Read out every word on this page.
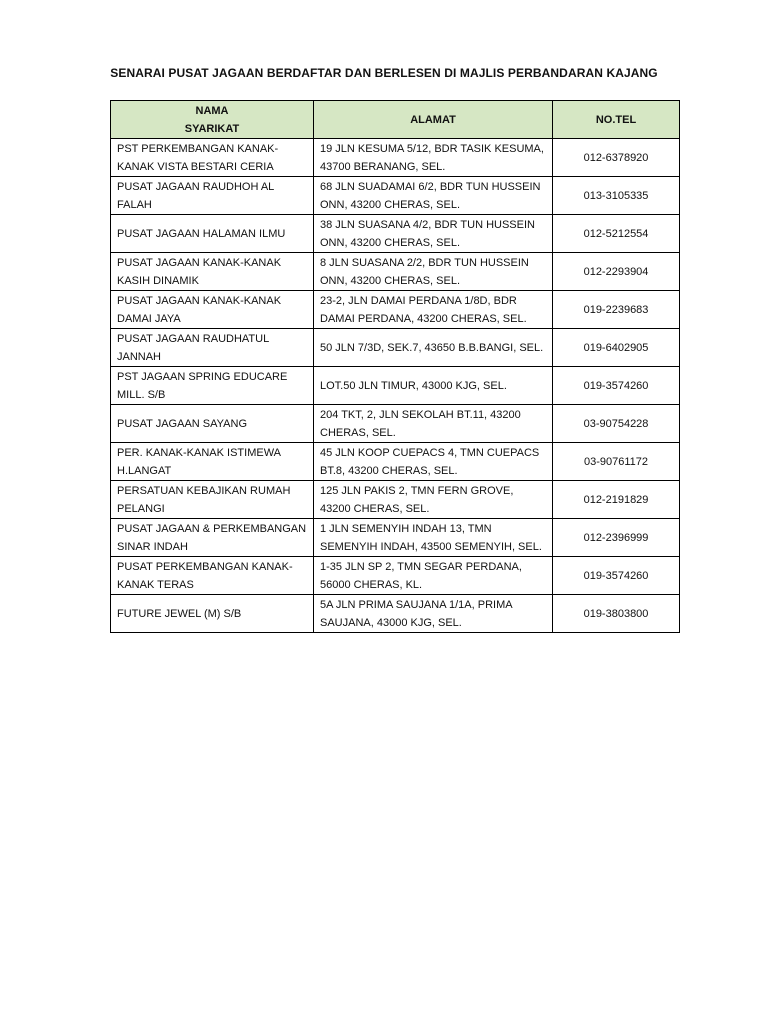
SENARAI PUSAT JAGAAN BERDAFTAR DAN BERLESEN DI MAJLIS PERBANDARAN KAJANG
NAMA
SYARIKAT	ALAMAT	NO.TEL
PST PERKEMBANGAN KANAK-KANAK VISTA BESTARI CERIA	19 JLN KESUMA 5/12, BDR TASIK KESUMA, 43700 BERANANG, SEL.	012-6378920
PUSAT JAGAAN RAUDHOH AL FALAH	68 JLN SUADAMAI 6/2, BDR TUN HUSSEIN ONN, 43200 CHERAS, SEL.	013-3105335
PUSAT JAGAAN HALAMAN ILMU	38 JLN SUASANA 4/2, BDR TUN HUSSEIN ONN, 43200 CHERAS, SEL.	012-5212554
PUSAT JAGAAN KANAK-KANAK KASIH DINAMIK	8 JLN SUASANA 2/2, BDR TUN HUSSEIN ONN, 43200 CHERAS, SEL.	012-2293904
PUSAT JAGAAN KANAK-KANAK DAMAI JAYA	23-2, JLN DAMAI PERDANA 1/8D, BDR DAMAI PERDANA, 43200 CHERAS, SEL.	019-2239683
PUSAT JAGAAN RAUDHATUL JANNAH	50 JLN 7/3D, SEK.7, 43650 B.B.BANGI, SEL.	019-6402905
PST JAGAAN SPRING EDUCARE MILL. S/B	LOT.50 JLN TIMUR, 43000 KJG, SEL.	019-3574260
PUSAT JAGAAN SAYANG	204 TKT, 2, JLN SEKOLAH BT.11, 43200 CHERAS, SEL.	03-90754228
PER. KANAK-KANAK ISTIMEWA H.LANGAT	45 JLN KOOP CUEPACS 4, TMN CUEPACS BT.8, 43200 CHERAS, SEL.	03-90761172
PERSATUAN KEBAJIKAN RUMAH PELANGI	125 JLN PAKIS 2, TMN FERN GROVE, 43200 CHERAS, SEL.	012-2191829
PUSAT JAGAAN & PERKEMBANGAN SINAR INDAH	1 JLN SEMENYIH INDAH 13, TMN SEMENYIH INDAH, 43500 SEMENYIH, SEL.	012-2396999
PUSAT PERKEMBANGAN KANAK-KANAK TERAS	1-35 JLN SP 2, TMN SEGAR PERDANA, 56000 CHERAS, KL.	019-3574260
FUTURE JEWEL (M) S/B	5A JLN PRIMA SAUJANA 1/1A, PRIMA SAUJANA, 43000 KJG, SEL.	019-3803800
